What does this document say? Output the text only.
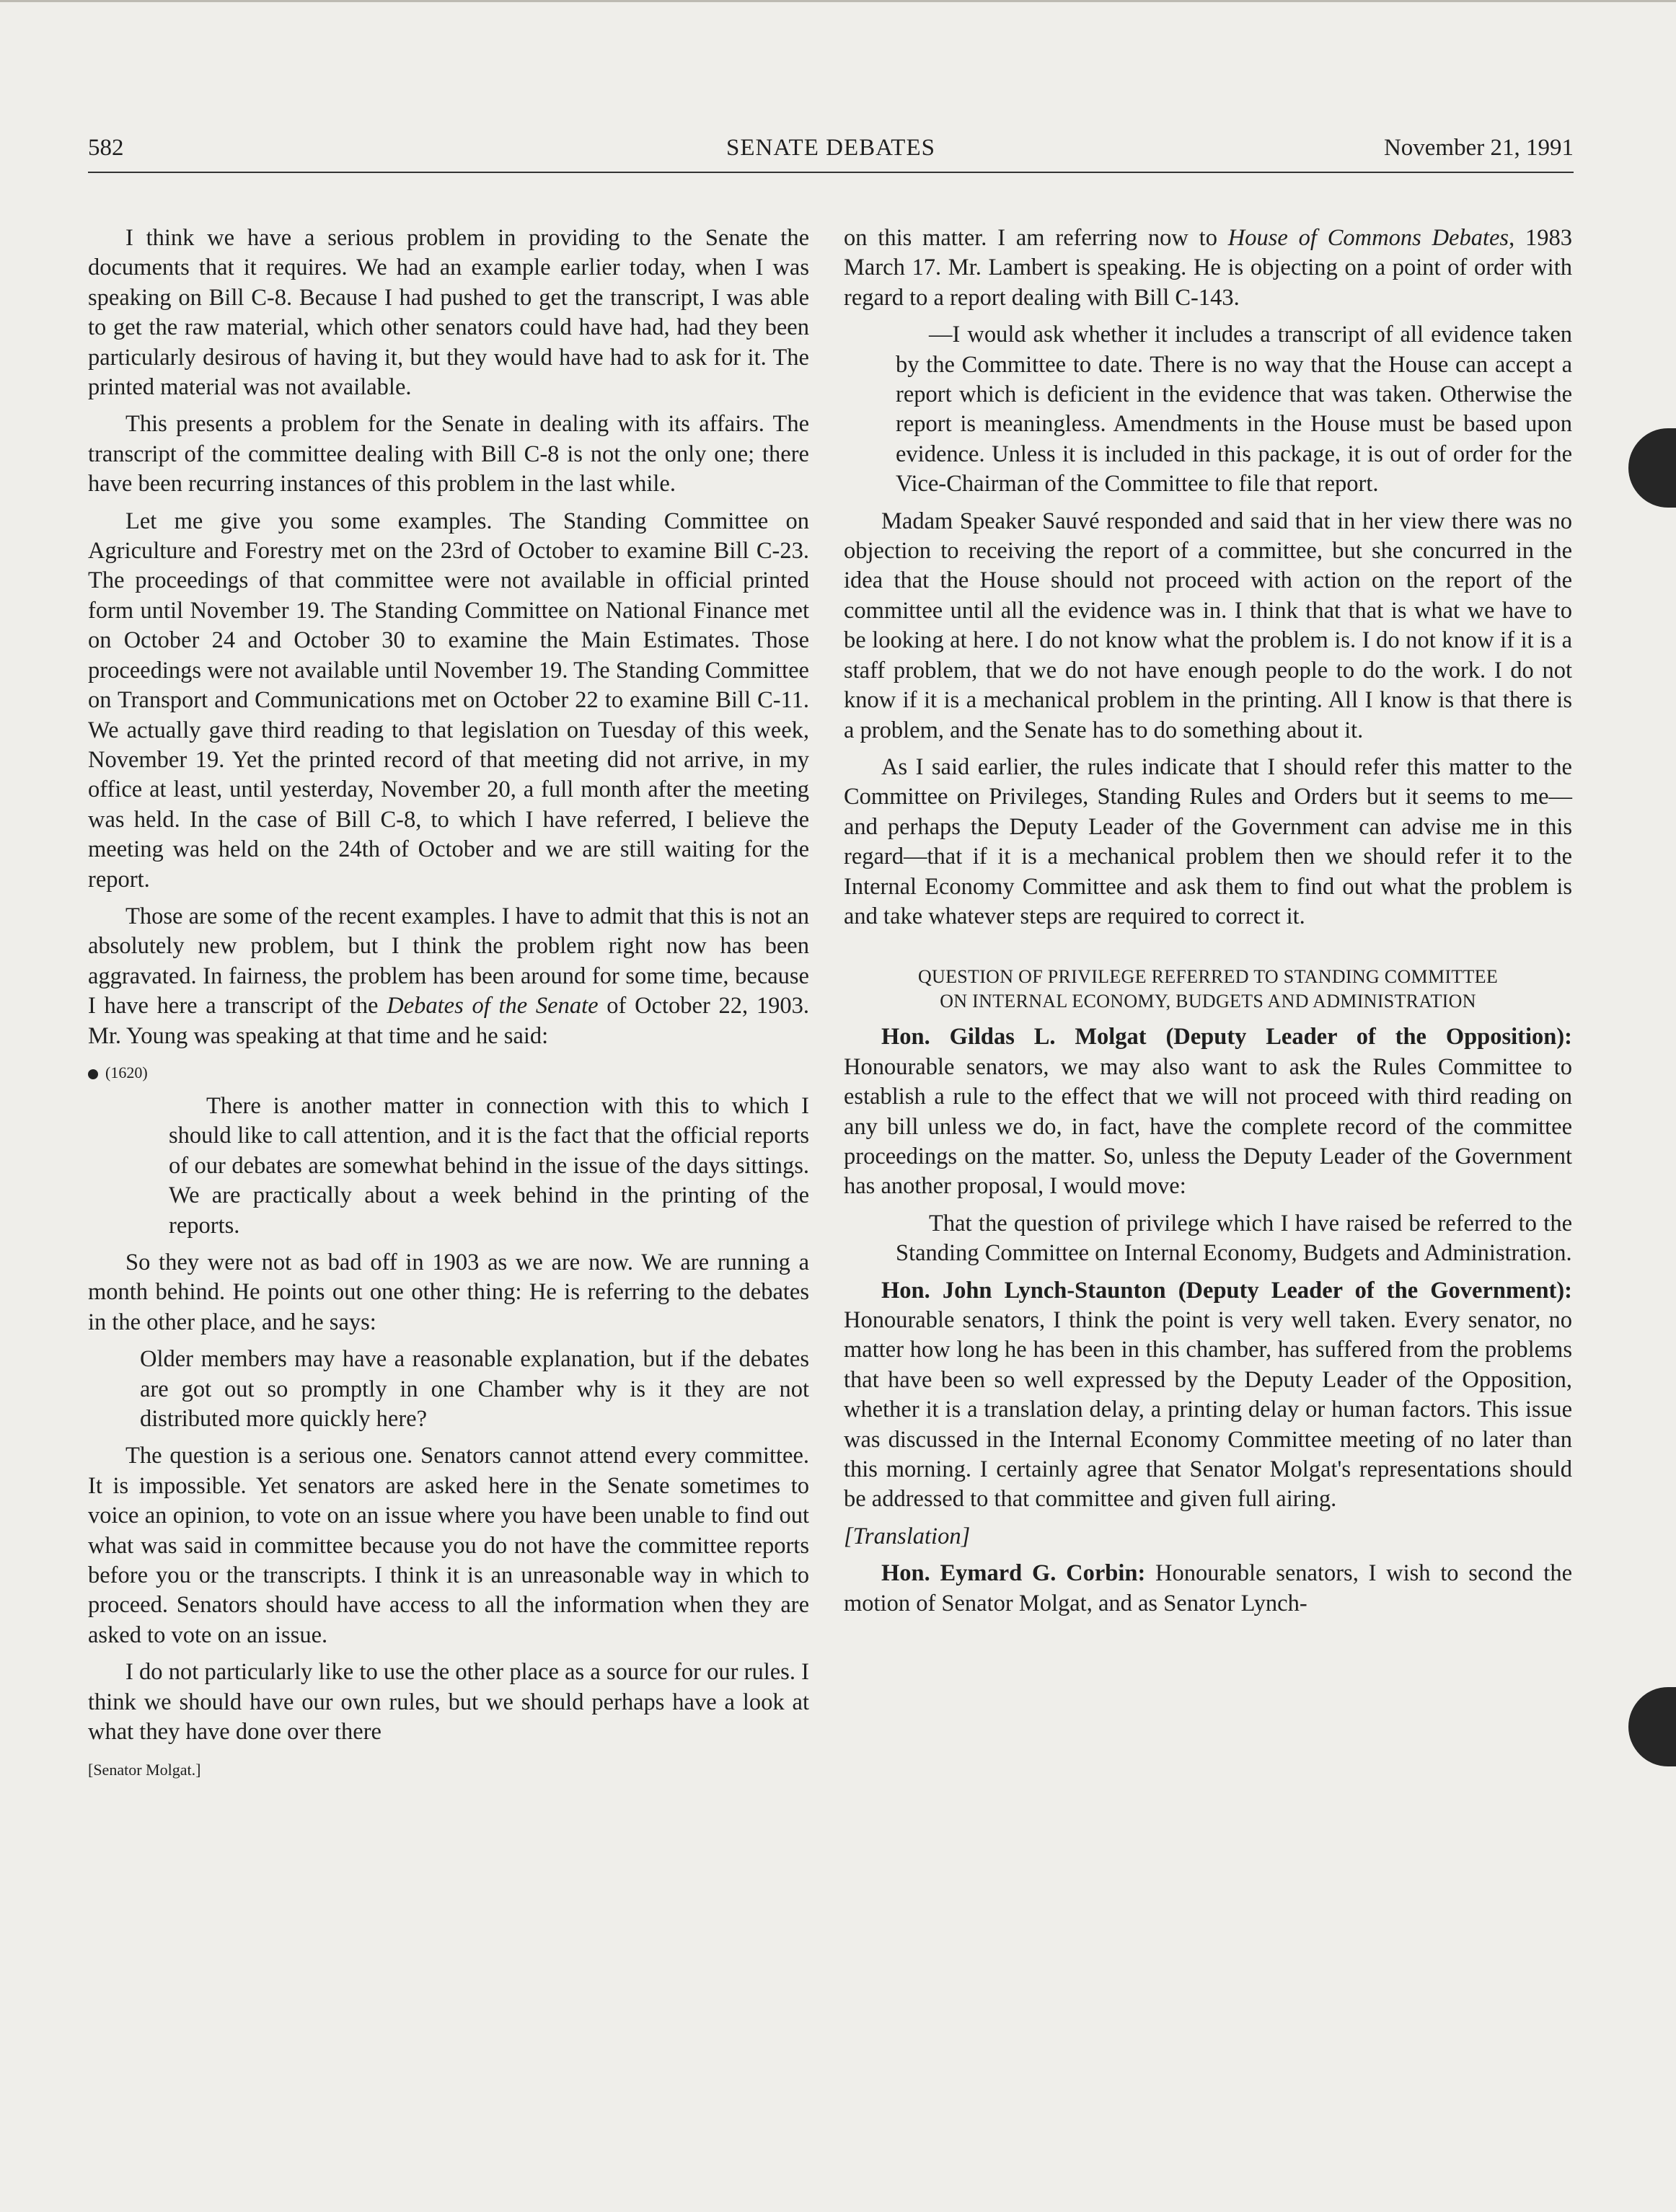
582	SENATE DEBATES	November 21, 1991

I think we have a serious problem in providing to the Senate the documents that it requires. We had an example earlier today, when I was speaking on Bill C-8. Because I had pushed to get the transcript, I was able to get the raw material, which other senators could have had, had they been particularly desirous of having it, but they would have had to ask for it. The printed material was not available.

This presents a problem for the Senate in dealing with its affairs. The transcript of the committee dealing with Bill C-8 is not the only one; there have been recurring instances of this problem in the last while.

Let me give you some examples. The Standing Committee on Agriculture and Forestry met on the 23rd of October to examine Bill C-23. The proceedings of that committee were not available in official printed form until November 19. The Standing Committee on National Finance met on October 24 and October 30 to examine the Main Estimates. Those proceedings were not available until November 19. The Standing Committee on Transport and Communications met on October 22 to examine Bill C-11. We actually gave third reading to that legislation on Tuesday of this week, November 19. Yet the printed record of that meeting did not arrive, in my office at least, until yesterday, November 20, a full month after the meeting was held. In the case of Bill C-8, to which I have referred, I believe the meeting was held on the 24th of October and we are still waiting for the report.

Those are some of the recent examples. I have to admit that this is not an absolutely new problem, but I think the problem right now has been aggravated. In fairness, the problem has been around for some time, because I have here a transcript of the Debates of the Senate of October 22, 1903. Mr. Young was speaking at that time and he said:

(1620)

There is another matter in connection with this to which I should like to call attention, and it is the fact that the official reports of our debates are somewhat behind in the issue of the days sittings. We are practically about a week behind in the printing of the reports.

So they were not as bad off in 1903 as we are now. We are running a month behind. He points out one other thing: He is referring to the debates in the other place, and he says:

Older members may have a reasonable explanation, but if the debates are got out so promptly in one Chamber why is it they are not distributed more quickly here?

The question is a serious one. Senators cannot attend every committee. It is impossible. Yet senators are asked here in the Senate sometimes to voice an opinion, to vote on an issue where you have been unable to find out what was said in committee because you do not have the committee reports before you or the transcripts. I think it is an unreasonable way in which to proceed. Senators should have access to all the information when they are asked to vote on an issue.

I do not particularly like to use the other place as a source for our rules. I think we should have our own rules, but we should perhaps have a look at what they have done over there

[Senator Molgat.]

on this matter. I am referring now to House of Commons Debates, 1983 March 17. Mr. Lambert is speaking. He is objecting on a point of order with regard to a report dealing with Bill C-143.

—I would ask whether it includes a transcript of all evidence taken by the Committee to date. There is no way that the House can accept a report which is deficient in the evidence that was taken. Otherwise the report is meaningless. Amendments in the House must be based upon evidence. Unless it is included in this package, it is out of order for the Vice-Chairman of the Committee to file that report.

Madam Speaker Sauvé responded and said that in her view there was no objection to receiving the report of a committee, but she concurred in the idea that the House should not proceed with action on the report of the committee until all the evidence was in. I think that that is what we have to be looking at here. I do not know what the problem is. I do not know if it is a staff problem, that we do not have enough people to do the work. I do not know if it is a mechanical problem in the printing. All I know is that there is a problem, and the Senate has to do something about it.

As I said earlier, the rules indicate that I should refer this matter to the Committee on Privileges, Standing Rules and Orders but it seems to me—and perhaps the Deputy Leader of the Government can advise me in this regard—that if it is a mechanical problem then we should refer it to the Internal Economy Committee and ask them to find out what the problem is and take whatever steps are required to correct it.

QUESTION OF PRIVILEGE REFERRED TO STANDING COMMITTEE
ON INTERNAL ECONOMY, BUDGETS AND ADMINISTRATION

Hon. Gildas L. Molgat (Deputy Leader of the Opposition): Honourable senators, we may also want to ask the Rules Committee to establish a rule to the effect that we will not proceed with third reading on any bill unless we do, in fact, have the complete record of the committee proceedings on the matter. So, unless the Deputy Leader of the Government has another proposal, I would move:

That the question of privilege which I have raised be referred to the Standing Committee on Internal Economy, Budgets and Administration.

Hon. John Lynch-Staunton (Deputy Leader of the Government): Honourable senators, I think the point is very well taken. Every senator, no matter how long he has been in this chamber, has suffered from the problems that have been so well expressed by the Deputy Leader of the Opposition, whether it is a translation delay, a printing delay or human factors. This issue was discussed in the Internal Economy Committee meeting of no later than this morning. I certainly agree that Senator Molgat's representations should be addressed to that committee and given full airing.

[Translation]

Hon. Eymard G. Corbin: Honourable senators, I wish to second the motion of Senator Molgat, and as Senator Lynch-
